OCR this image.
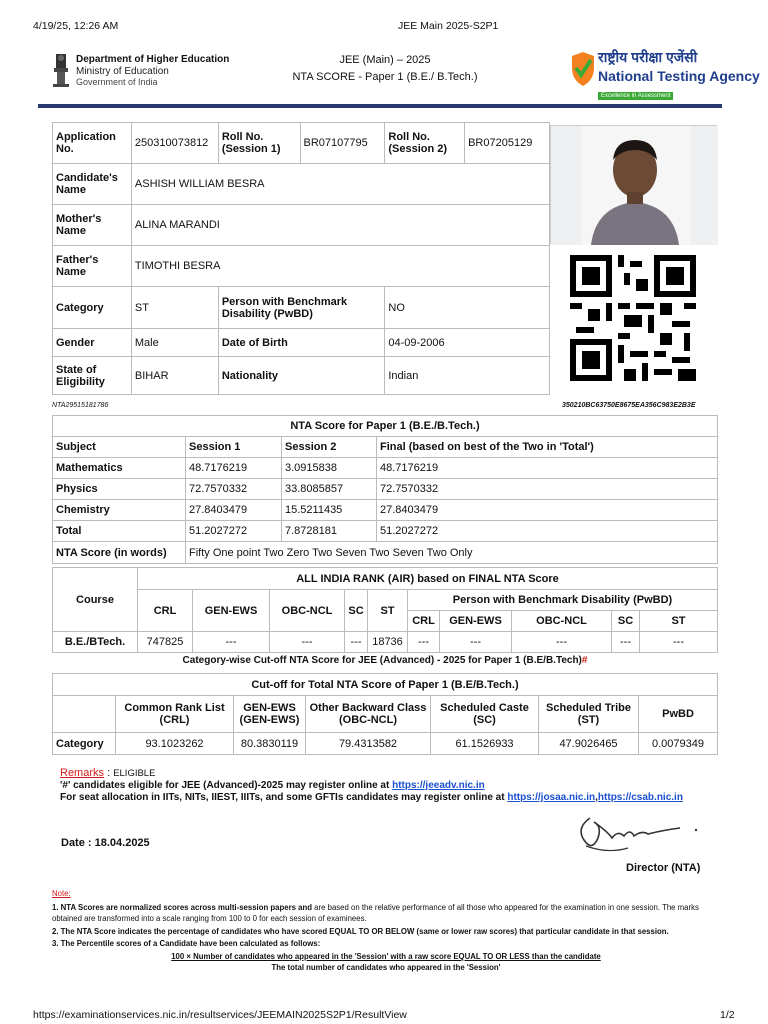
4/19/25, 12:26 AM	JEE Main 2025-S2P1
Department of Higher Education
Ministry of Education
Government of India
JEE (Main) – 2025
NTA SCORE - Paper 1 (B.E./ B.Tech.)
राष्ट्रीय परीक्षा एजेंसी
National Testing Agency
Excellence in Assessment
Application No.	250310073812	Roll No. (Session 1)	BR07107795	Roll No. (Session 2)	BR07205129
Candidate's Name	ASHISH WILLIAM BESRA				
Mother's Name	ALINA MARANDI				
Father's Name	TIMOTHI BESRA				
Category	ST	Person with Benchmark Disability (PwBD)		NO	
Gender	Male	Date of Birth		04-09-2006	
State of Eligibility	BIHAR	Nationality		Indian	
NTA29515181786	350210BC63750E8675EA356C983E2B3E
NTA Score for Paper 1 (B.E./B.Tech.)			
Subject	Session 1	Session 2	Final (based on best of the Two in 'Total')
Mathematics	48.7176219	3.0915838	48.7176219
Physics	72.7570332	33.8085857	72.7570332
Chemistry	27.8403479	15.5211435	27.8403479
Total	51.2027272	7.8728181	51.2027272
NTA Score (in words)	Fifty One point Two Zero Two Seven Two Seven Two Only		
Course	ALL INDIA RANK (AIR) based on FINAL NTA Score									
	CRL	GEN-EWS	OBC-NCL	SC	ST	Person with Benchmark Disability (PwBD)				
						CRL	GEN-EWS	OBC-NCL	SC	ST
B.E./BTech.	747825	---	---	---	18736	---	---	---	---	---
Category-wise Cut-off NTA Score for JEE (Advanced) - 2025 for Paper 1 (B.E/B.Tech)#
Cut-off for Total NTA Score of Paper 1 (B.E/B.Tech.)						
	Common Rank List (CRL)	GEN-EWS (GEN-EWS)	Other Backward Class (OBC-NCL)	Scheduled Caste (SC)	Scheduled Tribe (ST)	PwBD
Category	93.1023262	80.3830119	79.4313582	61.1526933	47.9026465	0.0079349
Remarks : ELIGIBLE
'#' candidates eligible for JEE (Advanced)-2025 may register online at https://jeeadv.nic.in
For seat allocation in IITs, NITs, IIEST, IIITs, and some GFTIs candidates may register online at https://josaa.nic.in,https://csab.nic.in
Date : 18.04.2025
Director (NTA)
Note:
1. NTA Scores are normalized scores across multi-session papers and are based on the relative performance of all those who appeared for the examination in one session. The marks obtained are transformed into a scale ranging from 100 to 0 for each session of examinees.
2. The NTA Score indicates the percentage of candidates who have scored EQUAL TO OR BELOW (same or lower raw scores) that particular candidate in that session.
3. The Percentile scores of a Candidate have been calculated as follows:
100 × Number of candidates who appeared in the 'Session' with a raw score EQUAL TO OR LESS than the candidate
The total number of candidates who appeared in the 'Session'
https://examinationservices.nic.in/resultservices/JEEMAIN2025S2P1/ResultView	1/2
